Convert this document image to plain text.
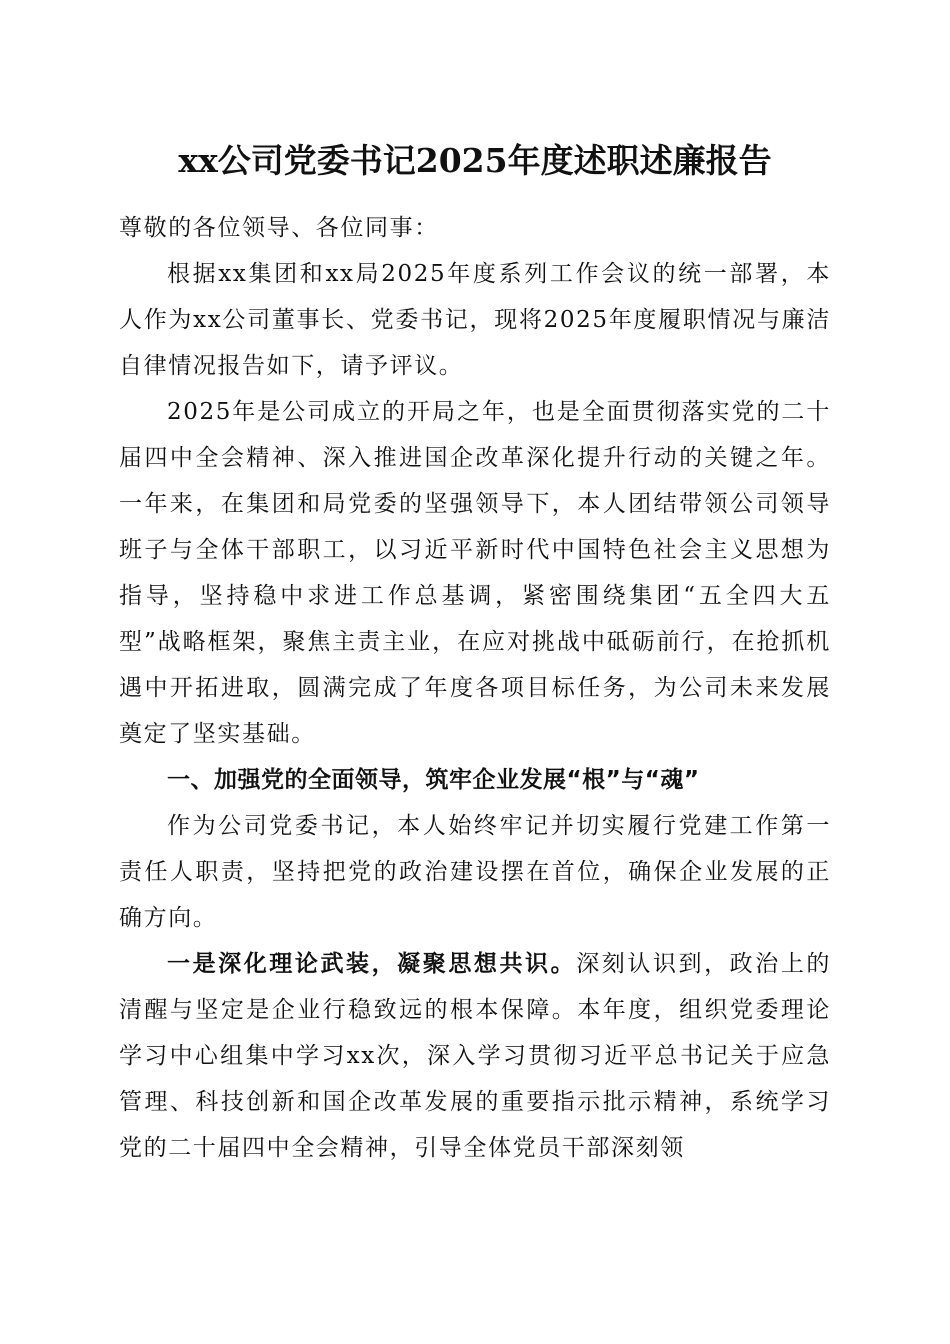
xx公司党委书记2025年度述职述廉报告

尊敬的各位领导、各位同事：

根据xx集团和xx局2025年度系列工作会议的统一部署，本人作为xx公司董事长、党委书记，现将2025年度履职情况与廉洁自律情况报告如下，请予评议。

2025年是公司成立的开局之年，也是全面贯彻落实党的二十届四中全会精神、深入推进国企改革深化提升行动的关键之年。一年来，在集团和局党委的坚强领导下，本人团结带领公司领导班子与全体干部职工，以习近平新时代中国特色社会主义思想为指导，坚持稳中求进工作总基调，紧密围绕集团“五全四大五型”战略框架，聚焦主责主业，在应对挑战中砥砺前行，在抢抓机遇中开拓进取，圆满完成了年度各项目标任务，为公司未来发展奠定了坚实基础。

一、加强党的全面领导，筑牢企业发展“根”与“魂”

作为公司党委书记，本人始终牢记并切实履行党建工作第一责任人职责，坚持把党的政治建设摆在首位，确保企业发展的正确方向。

一是深化理论武装，凝聚思想共识。深刻认识到，政治上的清醒与坚定是企业行稳致远的根本保障。本年度，组织党委理论学习中心组集中学习xx次，深入学习贯彻习近平总书记关于应急管理、科技创新和国企改革发展的重要指示批示精神，系统学习党的二十届四中全会精神，引导全体党员干部深刻领
